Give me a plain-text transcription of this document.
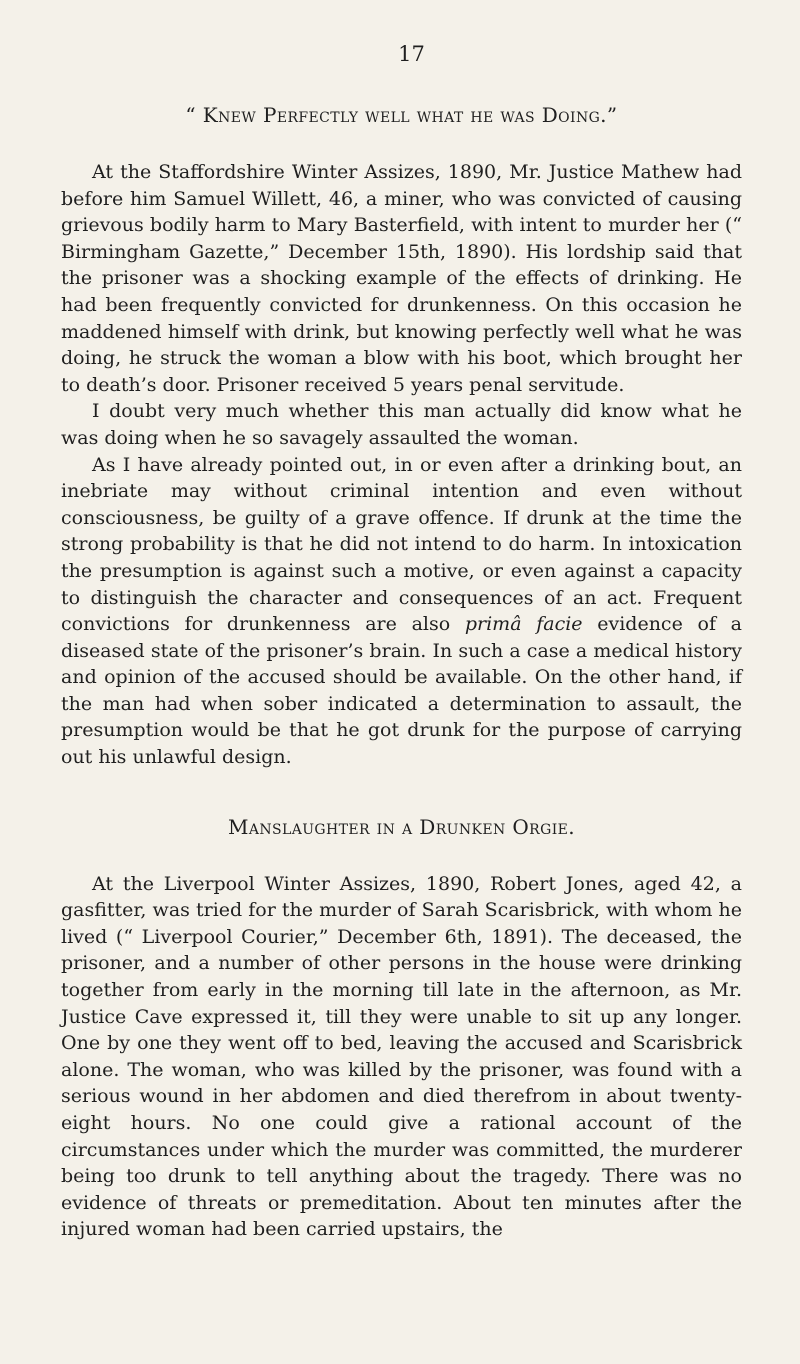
17
“ Knew Perfectly well what he was Doing.”

At the Staffordshire Winter Assizes, 1890, Mr. Justice Mathew had before him Samuel Willett, 46, a miner, who was convicted of causing grievous bodily harm to Mary Basterfield, with intent to murder her (“ Birmingham Gazette,” December 15th, 1890). His lordship said that the prisoner was a shocking example of the effects of drinking. He had been frequently convicted for drunkenness. On this occasion he maddened himself with drink, but knowing perfectly well what he was doing, he struck the woman a blow with his boot, which brought her to death’s door. Prisoner received 5 years penal servitude.

I doubt very much whether this man actually did know what he was doing when he so savagely assaulted the woman.

As I have already pointed out, in or even after a drinking bout, an inebriate may without criminal intention and even without consciousness, be guilty of a grave offence. If drunk at the time the strong probability is that he did not intend to do harm. In intoxication the presumption is against such a motive, or even against a capacity to distinguish the character and consequences of an act. Frequent convictions for drunkenness are also primâ facie evidence of a diseased state of the prisoner’s brain. In such a case a medical history and opinion of the accused should be available. On the other hand, if the man had when sober indicated a determination to assault, the presumption would be that he got drunk for the purpose of carrying out his unlawful design.

Manslaughter in a Drunken Orgie.

At the Liverpool Winter Assizes, 1890, Robert Jones, aged 42, a gasfitter, was tried for the murder of Sarah Scarisbrick, with whom he lived (“ Liverpool Courier,” December 6th, 1891). The deceased, the prisoner, and a number of other persons in the house were drinking together from early in the morning till late in the afternoon, as Mr. Justice Cave expressed it, till they were unable to sit up any longer. One by one they went off to bed, leaving the accused and Scarisbrick alone. The woman, who was killed by the prisoner, was found with a serious wound in her abdomen and died therefrom in about twenty-eight hours. No one could give a rational account of the circumstances under which the murder was committed, the murderer being too drunk to tell anything about the tragedy. There was no evidence of threats or premeditation. About ten minutes after the injured woman had been carried upstairs, the
